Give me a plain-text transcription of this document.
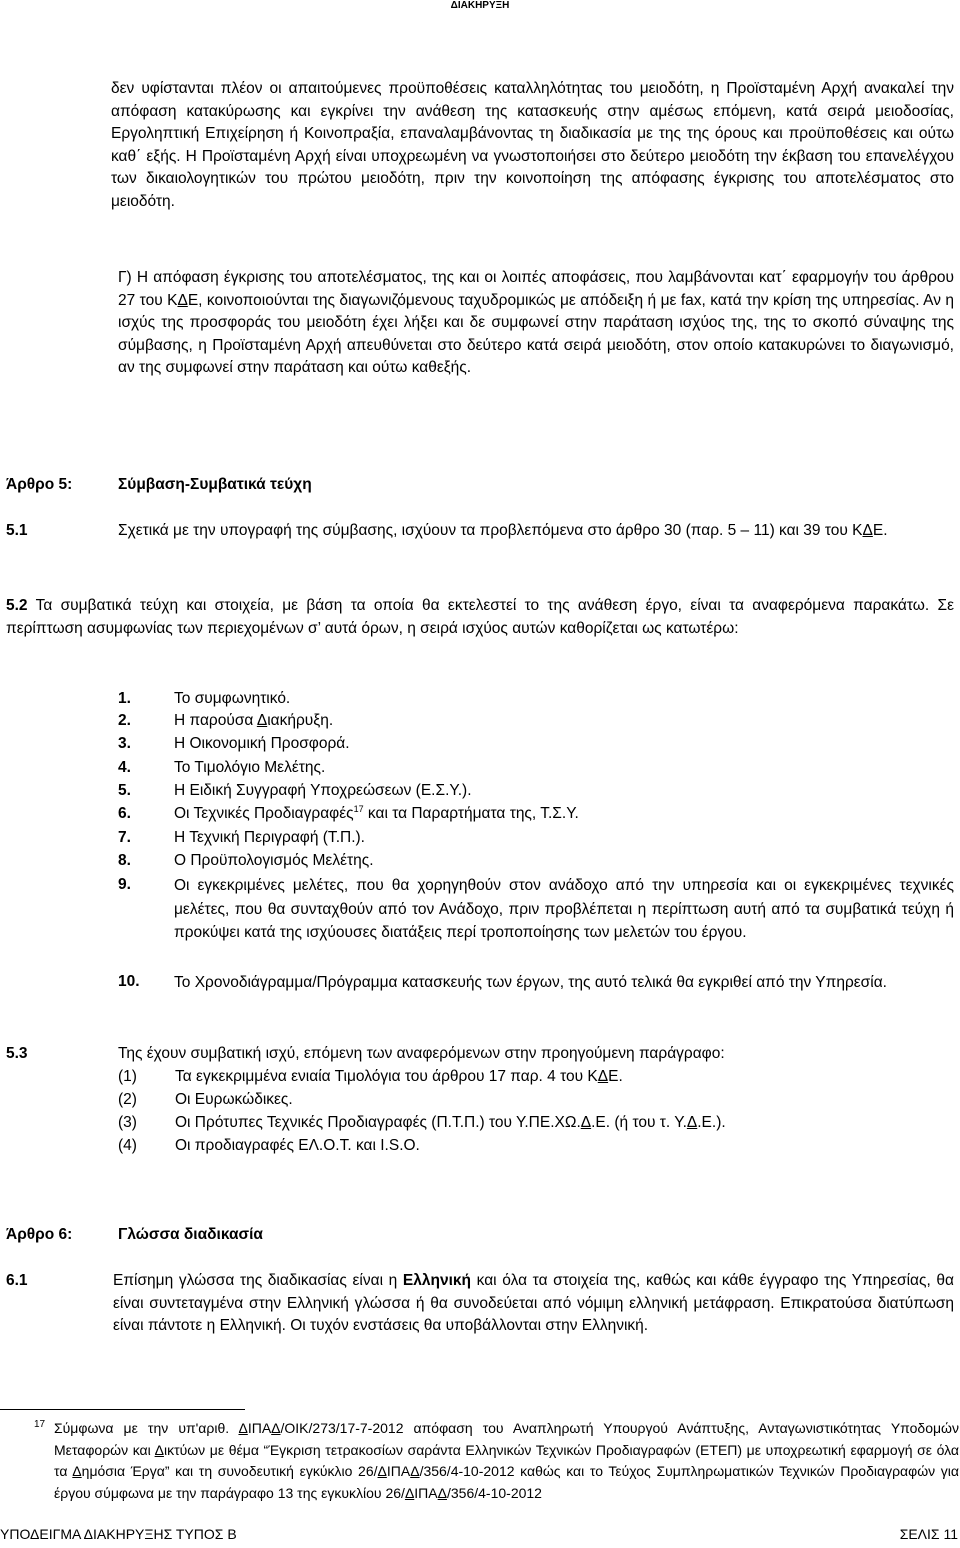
ΔΙΑΚΗΡΥΞΗ
δεν υφίστανται πλέον οι απαιτούμενες προϋποθέσεις καταλληλότητας του μειοδότη, η Προϊσταμένη Αρχή ανακαλεί την απόφαση κατακύρωσης και εγκρίνει την ανάθεση της κατασκευής στην αμέσως επόμενη, κατά σειρά μειοδοσίας, Εργοληπτική Επιχείρηση ή Κοινοπραξία, επαναλαμβάνοντας τη διαδικασία με της της όρους και προϋποθέσεις και ούτω καθ΄ εξής. Η Προϊσταμένη Αρχή είναι υποχρεωμένη να γνωστοποιήσει στο δεύτερο μειοδότη την έκβαση του επανελέγχου των δικαιολογητικών του πρώτου μειοδότη, πριν την κοινοποίηση της απόφασης έγκρισης του αποτελέσματος στο μειοδότη.
Γ) Η απόφαση έγκρισης του αποτελέσματος, της και οι λοιπές αποφάσεις, που λαμβάνονται κατ΄ εφαρμογήν του άρθρου 27 του ΚΔΕ, κοινοποιούνται της διαγωνιζόμενους ταχυδρομικώς με απόδειξη ή με fax, κατά την κρίση της υπηρεσίας. Αν η ισχύς της προσφοράς του μειοδότη έχει λήξει και δε συμφωνεί στην παράταση ισχύος της, της το σκοπό σύναψης της σύμβασης, η Προϊσταμένη Αρχή απευθύνεται στο δεύτερο κατά σειρά μειοδότη, στον οποίο κατακυρώνει το διαγωνισμό, αν της συμφωνεί στην παράταση και ούτω καθεξής.
Άρθρο 5:	Σύμβαση-Συμβατικά τεύχη
5.1	Σχετικά με την υπογραφή της σύμβασης, ισχύουν τα προβλεπόμενα στο άρθρο 30 (παρ. 5 – 11) και 39 του ΚΔΕ.
5.2 Τα συμβατικά τεύχη και στοιχεία, με βάση τα οποία θα εκτελεστεί το της ανάθεση έργο, είναι τα αναφερόμενα παρακάτω. Σε περίπτωση ασυμφωνίας των περιεχομένων σ’ αυτά όρων, η σειρά ισχύος αυτών καθορίζεται ως κατωτέρω:
1.	Το συμφωνητικό.
2.	Η παρούσα Διακήρυξη.
3.	Η Οικονομική Προσφορά.
4.	Το Τιμολόγιο Μελέτης.
5.	Η Ειδική Συγγραφή Υποχρεώσεων (Ε.Σ.Υ.).
6.	Οι Τεχνικές Προδιαγραφές$^{17}$ και τα Παραρτήματα της, Τ.Σ.Υ.
7.	Η Τεχνική Περιγραφή (Τ.Π.).
8.	Ο Προϋπολογισμός Μελέτης.
9.	Οι εγκεκριμένες μελέτες, που θα χορηγηθούν στον ανάδοχο από την υπηρεσία και οι εγκεκριμένες τεχνικές μελέτες, που θα συνταχθούν από τον Ανάδοχο, πριν προβλέπεται η περίπτωση αυτή από τα συμβατικά τεύχη ή προκύψει κατά της ισχύουσες διατάξεις περί τροποποίησης των μελετών του έργου.
10. Το Χρονοδιάγραμμα/Πρόγραμμα κατασκευής των έργων, της αυτό τελικά θα εγκριθεί από την Υπηρεσία.
5.3	Της έχουν συμβατική ισχύ, επόμενη των αναφερόμενων στην προηγούμενη παράγραφο:
(1) Τα εγκεκριμμένα ενιαία Τιμολόγια του άρθρου 17 παρ. 4 του ΚΔΕ.
(2) Οι Ευρωκώδικες.
(3) Οι Πρότυπες Τεχνικές Προδιαγραφές (Π.Τ.Π.) του Υ.ΠΕ.ΧΩ.Δ.Ε. (ή του τ. Υ.Δ.Ε.).
(4) Οι προδιαγραφές ΕΛ.Ο.Τ. και I.S.O.
Άρθρο 6:	Γλώσσα διαδικασία
6.1	Επίσημη γλώσσα της διαδικασίας είναι η Ελληνική και όλα τα στοιχεία της, καθώς και κάθε έγγραφο της Υπηρεσίας, θα είναι συντεταγμένα στην Ελληνική γλώσσα ή θα συνοδεύεται από νόμιμη ελληνική μετάφραση. Επικρατούσα διατύπωση είναι πάντοτε η Ελληνική. Οι τυχόν ενστάσεις θα υποβάλλονται στην Ελληνική.
17 Σύμφωνα με την υπ'αριθ. ΔΙΠΑΔ/ΟΙΚ/273/17-7-2012 απόφαση του Αναπληρωτή Υπουργού Ανάπτυξης, Ανταγωνιστικότητας Υποδομών Μεταφορών και Δικτύων με θέμα “Έγκριση τετρακοσίων σαράντα Ελληνικών Τεχνικών Προδιαγραφών (ΕΤΕΠ) με υποχρεωτική εφαρμογή σε όλα τα Δημόσια Έργα” και τη συνοδευτική εγκύκλιο 26/ΔΙΠΑΔ/356/4-10-2012 καθώς και το Τεύχος Συμπληρωματικών Τεχνικών Προδιαγραφών για έργου σύμφωνα με την παράγραφο 13 της εγκυκλίου 26/ΔΙΠΑΔ/356/4-10-2012
ΥΠΟΔΕΙΓΜΑ ΔΙΑΚΗΡΥΞΗΣ ΤΥΠΟΣ Β	ΣΕΛΙΣ 11
